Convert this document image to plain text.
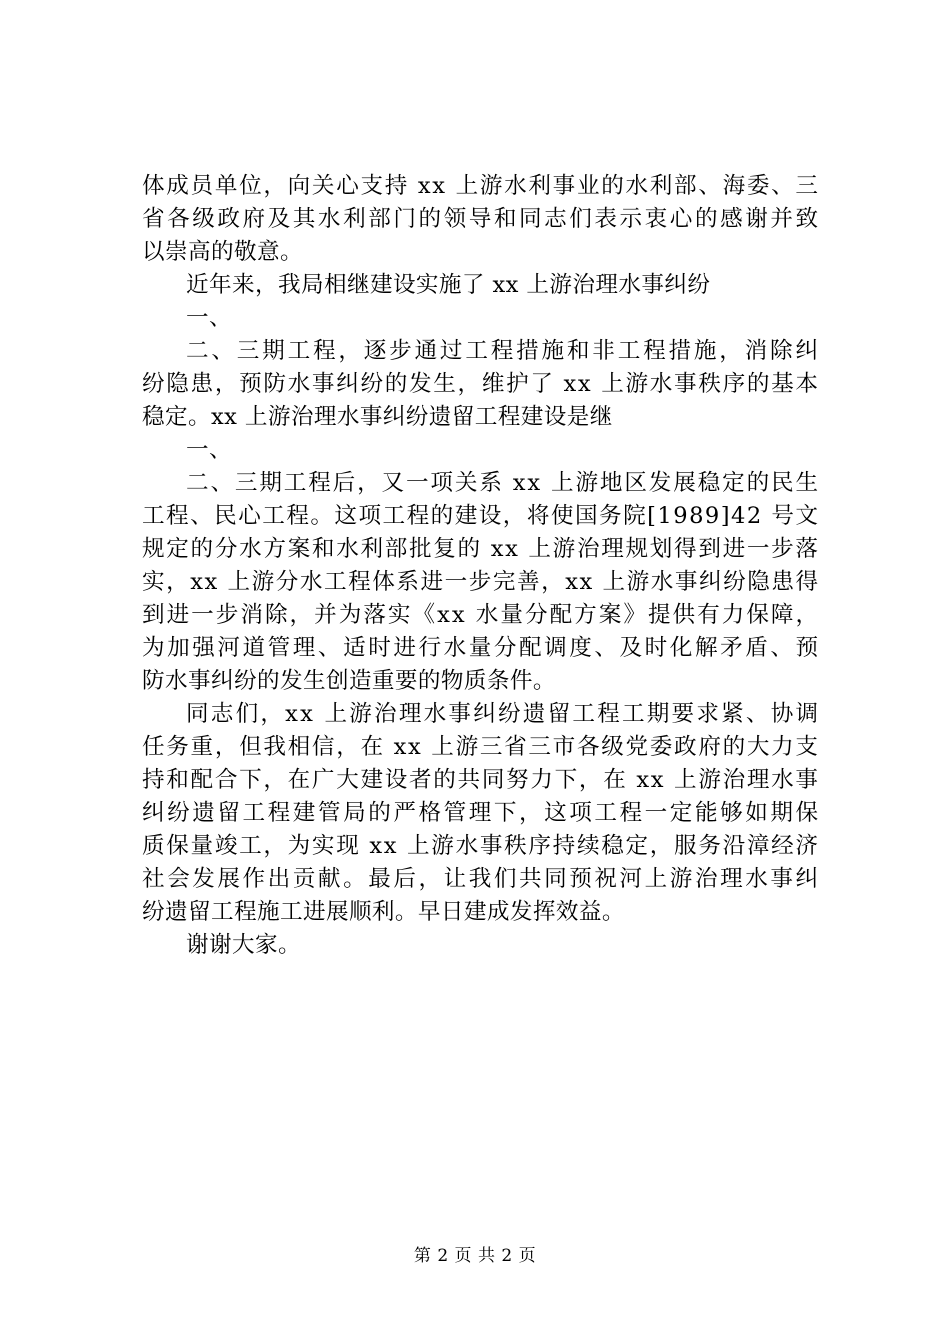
体成员单位，向关心支持 xx 上游水利事业的水利部、海委、三
省各级政府及其水利部门的领导和同志们表示衷心的感谢并致
以崇高的敬意。
近年来，我局相继建设实施了 xx 上游治理水事纠纷
一、
二、三期工程，逐步通过工程措施和非工程措施，消除纠
纷隐患，预防水事纠纷的发生，维护了 xx 上游水事秩序的基本
稳定。xx 上游治理水事纠纷遗留工程建设是继
一、
二、三期工程后，又一项关系 xx 上游地区发展稳定的民生
工程、民心工程。这项工程的建设，将使国务院[1989]42 号文
规定的分水方案和水利部批复的 xx 上游治理规划得到进一步落
实，xx 上游分水工程体系进一步完善，xx 上游水事纠纷隐患得
到进一步消除，并为落实《xx 水量分配方案》提供有力保障，
为加强河道管理、适时进行水量分配调度、及时化解矛盾、预
防水事纠纷的发生创造重要的物质条件。
同志们，xx 上游治理水事纠纷遗留工程工期要求紧、协调
任务重，但我相信，在 xx 上游三省三市各级党委政府的大力支
持和配合下，在广大建设者的共同努力下，在 xx 上游治理水事
纠纷遗留工程建管局的严格管理下，这项工程一定能够如期保
质保量竣工，为实现 xx 上游水事秩序持续稳定，服务沿漳经济
社会发展作出贡献。最后，让我们共同预祝河上游治理水事纠
纷遗留工程施工进展顺利。早日建成发挥效益。
谢谢大家。
第 2 页 共 2 页
